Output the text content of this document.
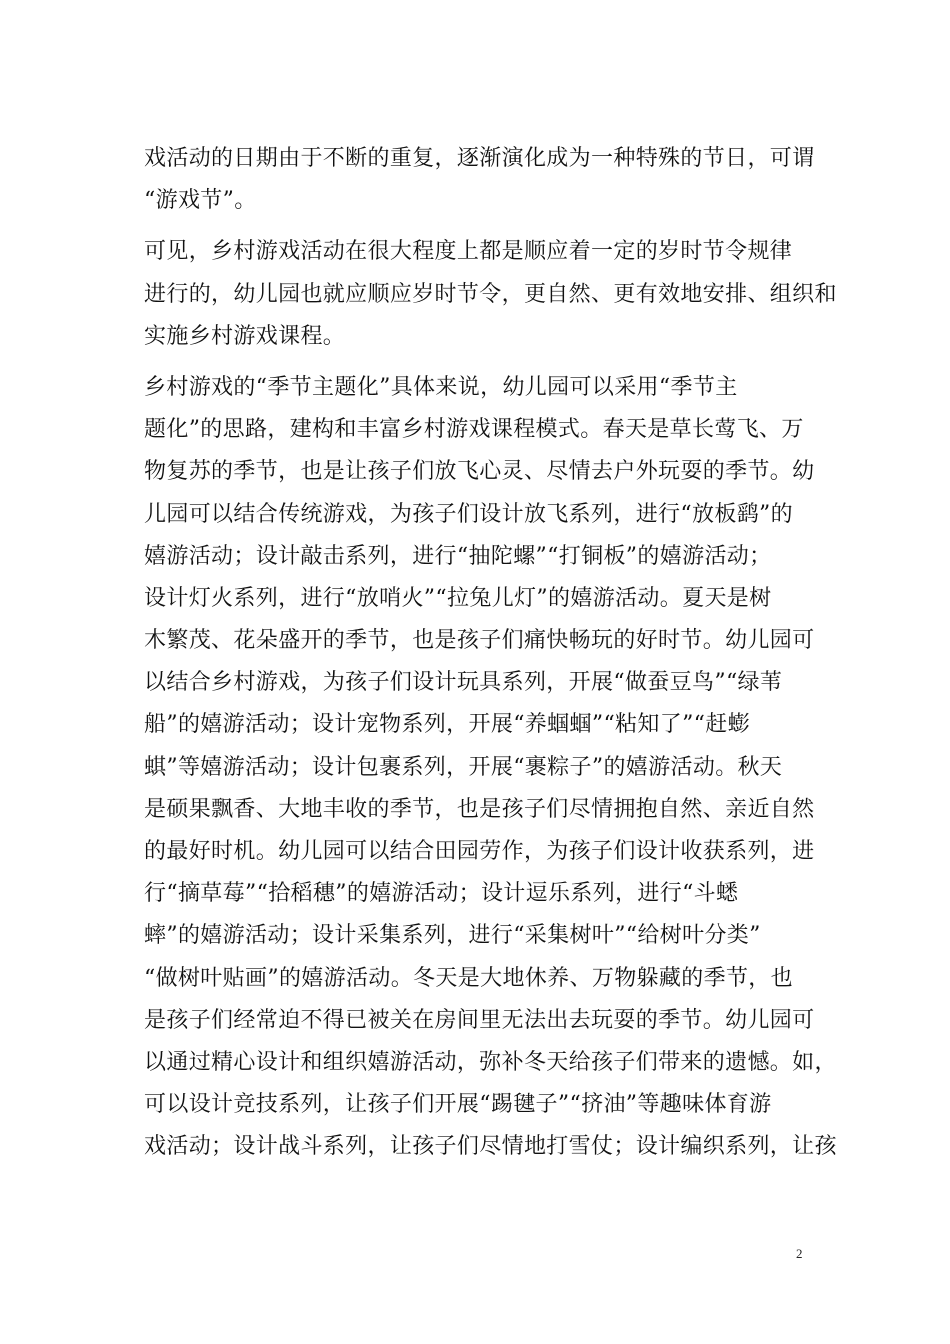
戏活动的日期由于不断的重复，逐渐演化成为一种特殊的节日，可谓
“游戏节”。
可见，乡村游戏活动在很大程度上都是顺应着一定的岁时节令规律
进行的，幼儿园也就应顺应岁时节令，更自然、更有效地安排、组织和
实施乡村游戏课程。
乡村游戏的“季节主题化”具体来说，幼儿园可以采用“季节主
题化”的思路，建构和丰富乡村游戏课程模式。春天是草长莺飞、万
物复苏的季节，也是让孩子们放飞心灵、尽情去户外玩耍的季节。幼
儿园可以结合传统游戏，为孩子们设计放飞系列，进行“放板鹞”的
嬉游活动；设计敲击系列，进行“抽陀螺”“打铜板”的嬉游活动；
设计灯火系列，进行“放哨火”“拉兔儿灯”的嬉游活动。夏天是树
木繁茂、花朵盛开的季节，也是孩子们痛快畅玩的好时节。幼儿园可
以结合乡村游戏，为孩子们设计玩具系列，开展“做蚕豆鸟”“绿苇
船”的嬉游活动；设计宠物系列，开展“养蝈蝈”“粘知了”“赶蟛
蜞”等嬉游活动；设计包裹系列，开展“裹粽子”的嬉游活动。秋天
是硕果飘香、大地丰收的季节，也是孩子们尽情拥抱自然、亲近自然
的最好时机。幼儿园可以结合田园劳作，为孩子们设计收获系列，进
行“摘草莓”“拾稻穗”的嬉游活动；设计逗乐系列，进行“斗蟋
蟀”的嬉游活动；设计采集系列，进行“采集树叶”“给树叶分类”
“做树叶贴画”的嬉游活动。冬天是大地休养、万物躲藏的季节，也
是孩子们经常迫不得已被关在房间里无法出去玩耍的季节。幼儿园可
以通过精心设计和组织嬉游活动，弥补冬天给孩子们带来的遗憾。如，
可以设计竞技系列，让孩子们开展“踢毽子”“挤油”等趣味体育游
戏活动；设计战斗系列，让孩子们尽情地打雪仗；设计编织系列，让孩
2
